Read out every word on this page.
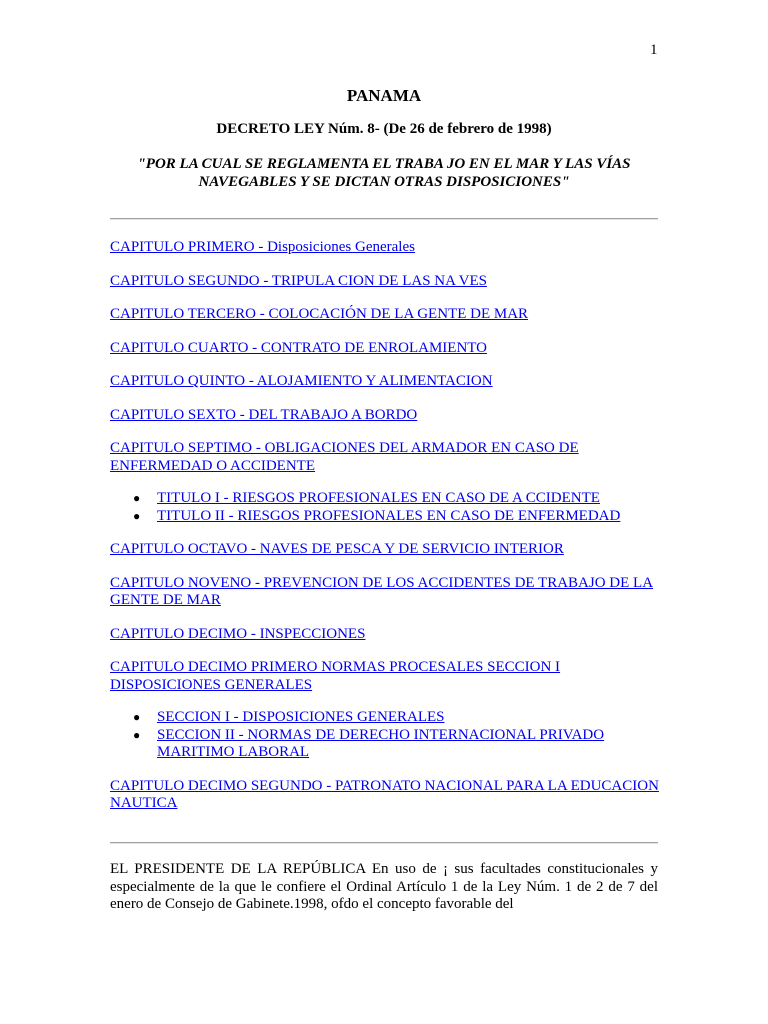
1
PANAMA
DECRETO LEY Núm. 8- (De 26 de febrero de 1998)
"POR LA CUAL SE REGLAMENTA EL TRABA JO EN EL MAR Y LAS VÍAS NAVEGABLES Y SE DICTAN OTRAS DISPOSICIONES"
CAPITULO PRIMERO - Disposiciones Generales
CAPITULO SEGUNDO - TRIPULA CION DE LAS NA VES
CAPITULO TERCERO - COLOCACIÓN DE LA GENTE DE MAR
CAPITULO CUARTO - CONTRATO DE ENROLAMIENTO
CAPITULO QUINTO - ALOJAMIENTO Y ALIMENTACION
CAPITULO SEXTO - DEL TRABAJO A BORDO
CAPITULO SEPTIMO - OBLIGACIONES DEL ARMADOR EN CASO DE ENFERMEDAD O ACCIDENTE
● TITULO I - RIESGOS PROFESIONALES EN CASO DE A CCIDENTE
● TITULO II - RIESGOS PROFESIONALES EN CASO DE ENFERMEDAD
CAPITULO OCTAVO - NAVES DE PESCA Y DE SERVICIO INTERIOR
CAPITULO NOVENO - PREVENCION DE LOS ACCIDENTES DE TRABAJO DE LA GENTE DE MAR
CAPITULO DECIMO - INSPECCIONES
CAPITULO DECIMO PRIMERO NORMAS PROCESALES SECCION I DISPOSICIONES GENERALES
● SECCION I - DISPOSICIONES GENERALES
● SECCION II - NORMAS DE DERECHO INTERNACIONAL PRIVADO MARITIMO LABORAL
CAPITULO DECIMO SEGUNDO - PATRONATO NACIONAL PARA LA EDUCACION NAUTICA
EL PRESIDENTE DE LA REPÚBLICA En uso de ¡ sus facultades constitucionales y especialmente de la que le confiere el Ordinal Artículo 1 de la Ley Núm. 1 de 2 de 7 del enero de Consejo de Gabinete.1998, ofdo el concepto favorable del
